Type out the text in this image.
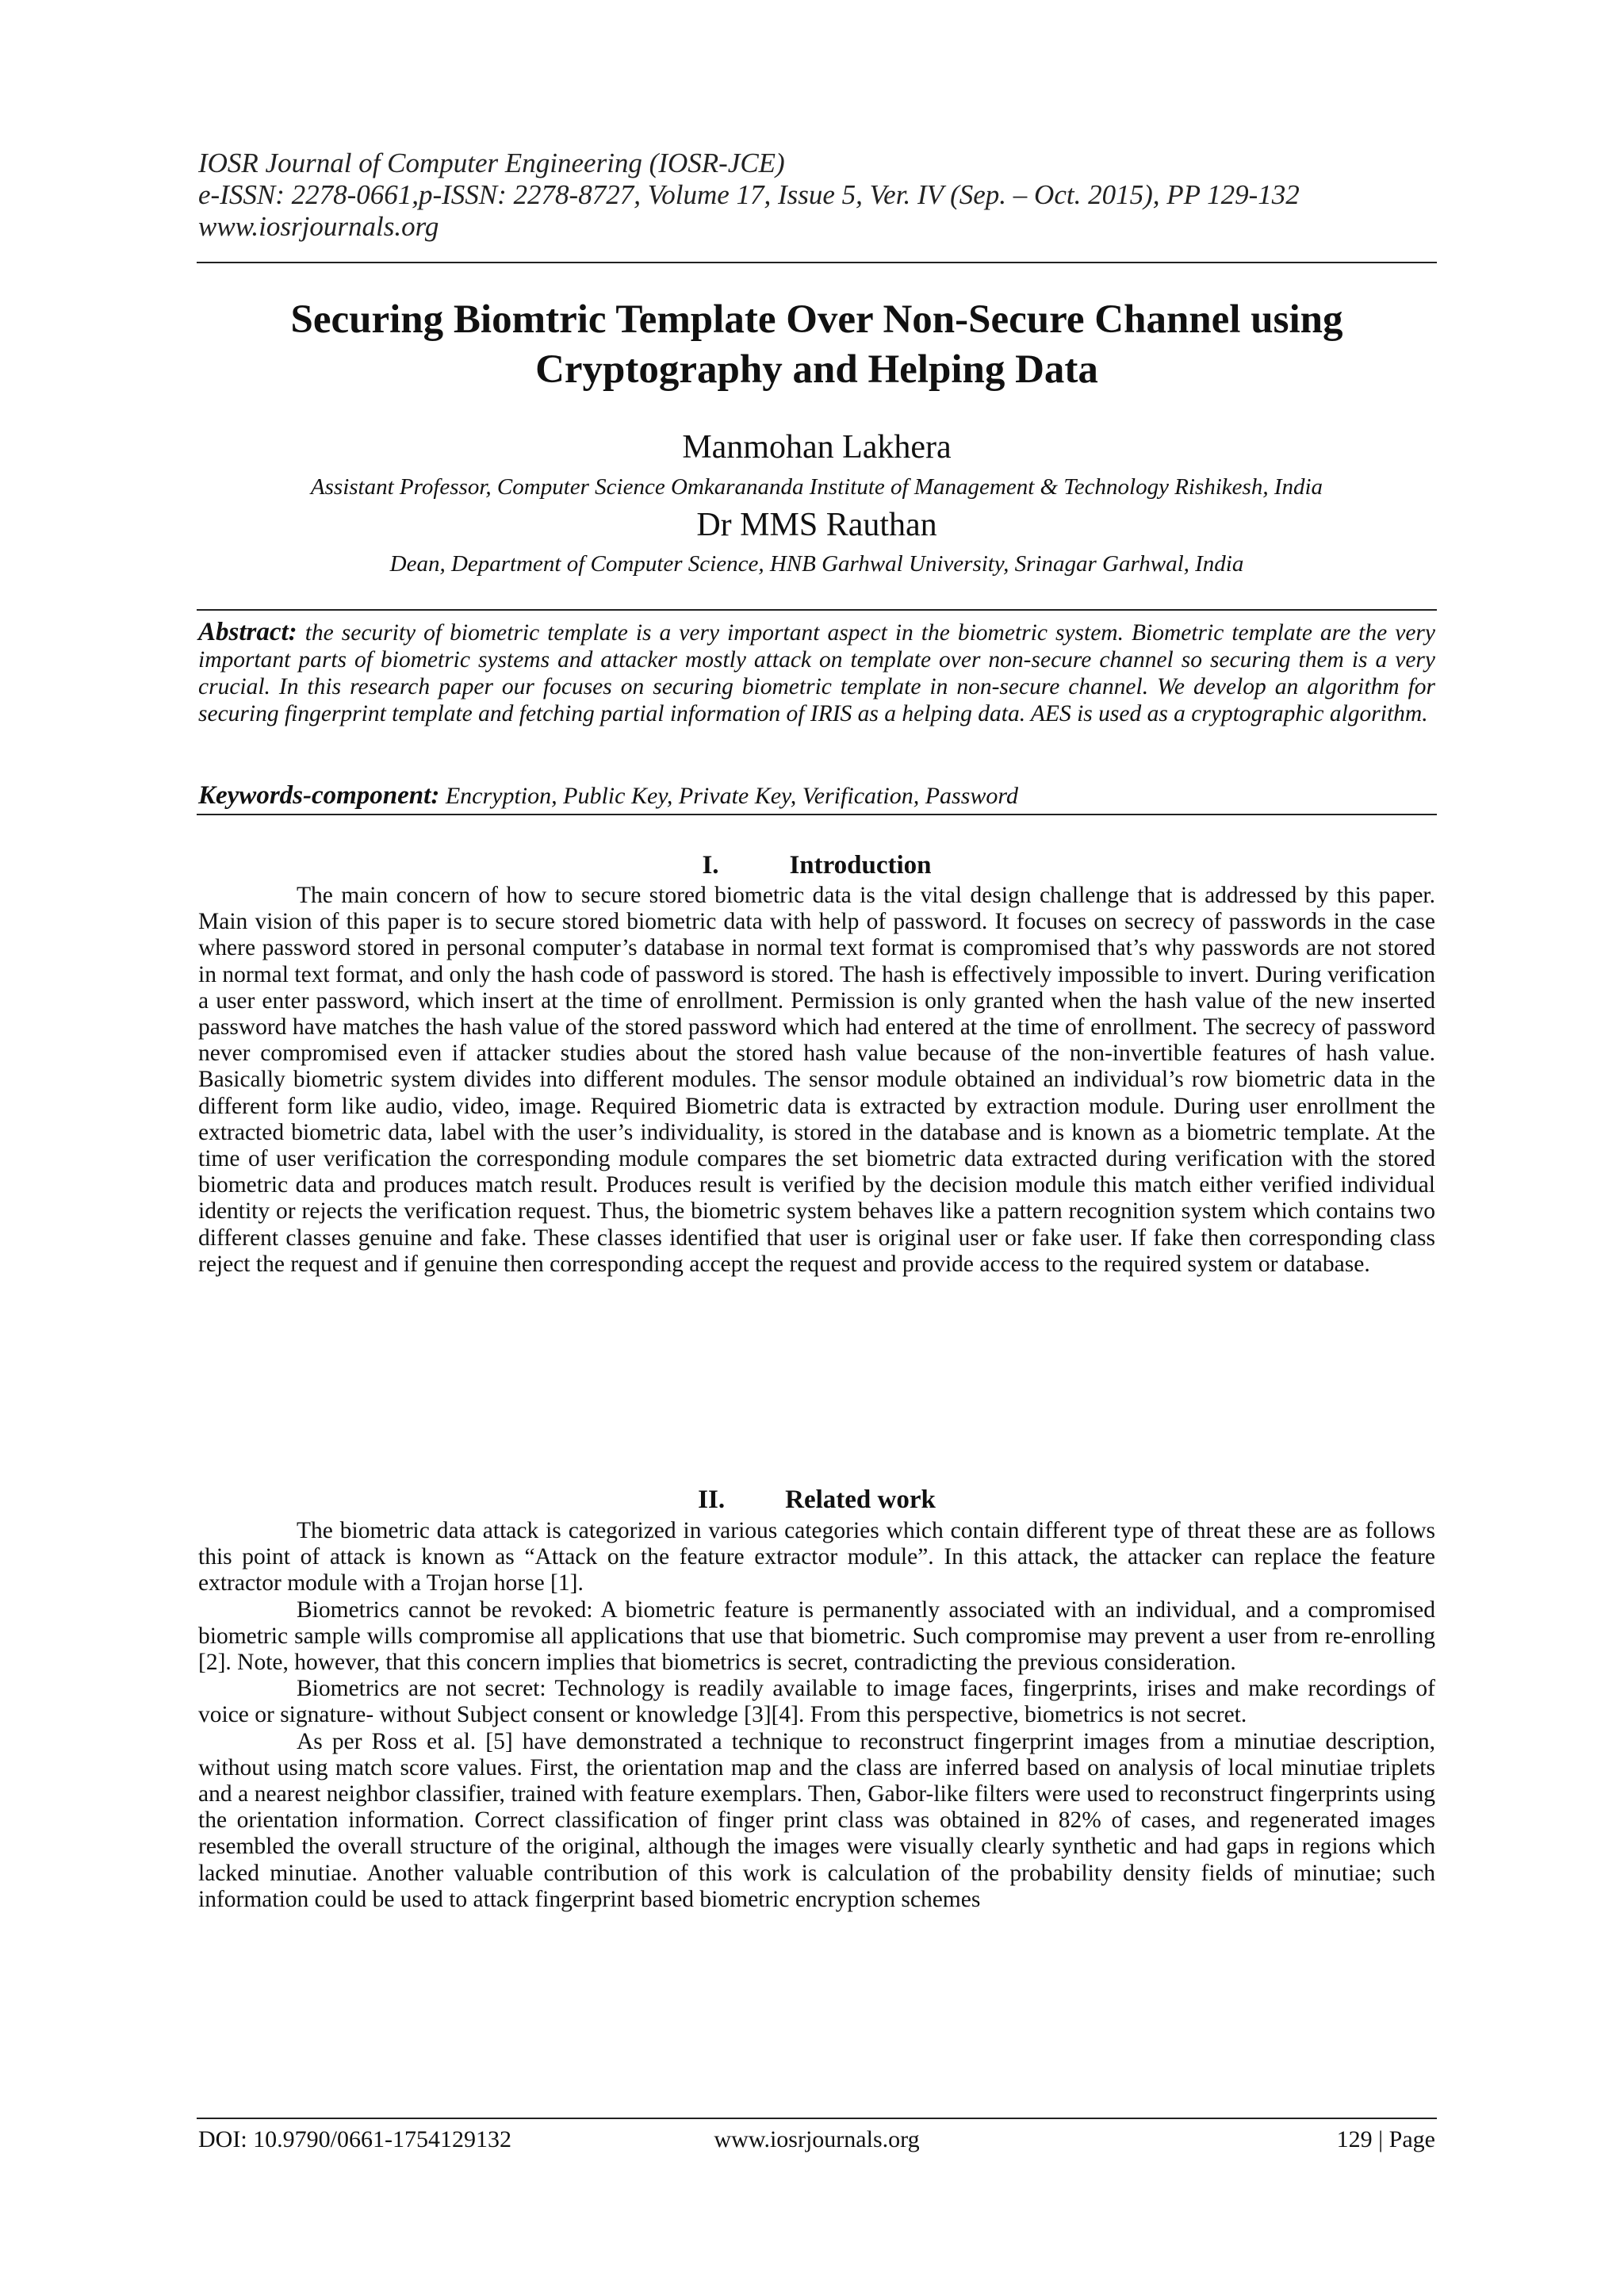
IOSR Journal of Computer Engineering (IOSR-JCE)
e-ISSN: 2278-0661,p-ISSN: 2278-8727, Volume 17, Issue 5, Ver. IV (Sep. – Oct. 2015), PP 129-132
www.iosrjournals.org
Securing Biomtric Template Over Non-Secure Channel using
Cryptography and Helping Data
Manmohan Lakhera
Assistant Professor, Computer Science Omkarananda Institute of Management & Technology Rishikesh, India
Dr MMS Rauthan
Dean, Department of Computer Science, HNB Garhwal University, Srinagar Garhwal, India
Abstract: the security of biometric template is a very important aspect in the biometric system. Biometric template are the very important parts of biometric systems and attacker mostly attack on template over non-secure channel so securing them is a very crucial. In this research paper our focuses on securing biometric template in non-secure channel. We develop an algorithm for securing fingerprint template and fetching partial information of IRIS as a helping data. AES is used as a cryptographic algorithm.
Keywords-component: Encryption, Public Key, Private Key, Verification, Password
I.	Introduction

The main concern of how to secure stored biometric data is the vital design challenge that is addressed by this paper. Main vision of this paper is to secure stored biometric data with help of password. It focuses on secrecy of passwords in the case where password stored in personal computer’s database in normal text format is compromised that’s why passwords are not stored in normal text format, and only the hash code of password is stored. The hash is effectively impossible to invert. During verification a user enter password, which insert at the time of enrollment. Permission is only granted when the hash value of the new inserted password have matches the hash value of the stored password which had entered at the time of enrollment. The secrecy of password never compromised even if attacker studies about the stored hash value because of the non-invertible features of hash value. Basically biometric system divides into different modules. The sensor module obtained an individual’s row biometric data in the different form like audio, video, image. Required Biometric data is extracted by extraction module. During user enrollment the extracted biometric data, label with the user’s individuality, is stored in the database and is known as a biometric template. At the time of user verification the corresponding module compares the set biometric data extracted during verification with the stored biometric data and produces match result. Produces result is verified by the decision module this match either verified individual identity or rejects the verification request. Thus, the biometric system behaves like a pattern recognition system which contains two different classes genuine and fake. These classes identified that user is original user or fake user. If fake then corresponding class reject the request and if genuine then corresponding accept the request and provide access to the required system or database.

II. Related work

The biometric data attack is categorized in various categories which contain different type of threat these are as follows this point of attack is known as “Attack on the feature extractor module”. In this attack, the attacker can replace the feature extractor module with a Trojan horse [1].

Biometrics cannot be revoked: A biometric feature is permanently associated with an individual, and a compromised biometric sample wills compromise all applications that use that biometric. Such compromise may prevent a user from re-enrolling [2]. Note, however, that this concern implies that biometrics is secret, contradicting the previous consideration.

Biometrics are not secret: Technology is readily available to image faces, fingerprints, irises and make recordings of voice or signature- without Subject consent or knowledge [3][4]. From this perspective, biometrics is not secret.

As per Ross et al. [5] have demonstrated a technique to reconstruct fingerprint images from a minutiae description, without using match score values. First, the orientation map and the class are inferred based on analysis of local minutiae triplets and a nearest neighbor classifier, trained with feature exemplars. Then, Gabor-like filters were used to reconstruct fingerprints using the orientation information. Correct classification of finger print class was obtained in 82% of cases, and regenerated images resembled the overall structure of the original, although the images were visually clearly synthetic and had gaps in regions which lacked minutiae. Another valuable contribution of this work is calculation of the probability density fields of minutiae; such information could be used to attack fingerprint based biometric encryption schemes

DOI: 10.9790/0661-1754129132	www.iosrjournals.org	129 | Page
